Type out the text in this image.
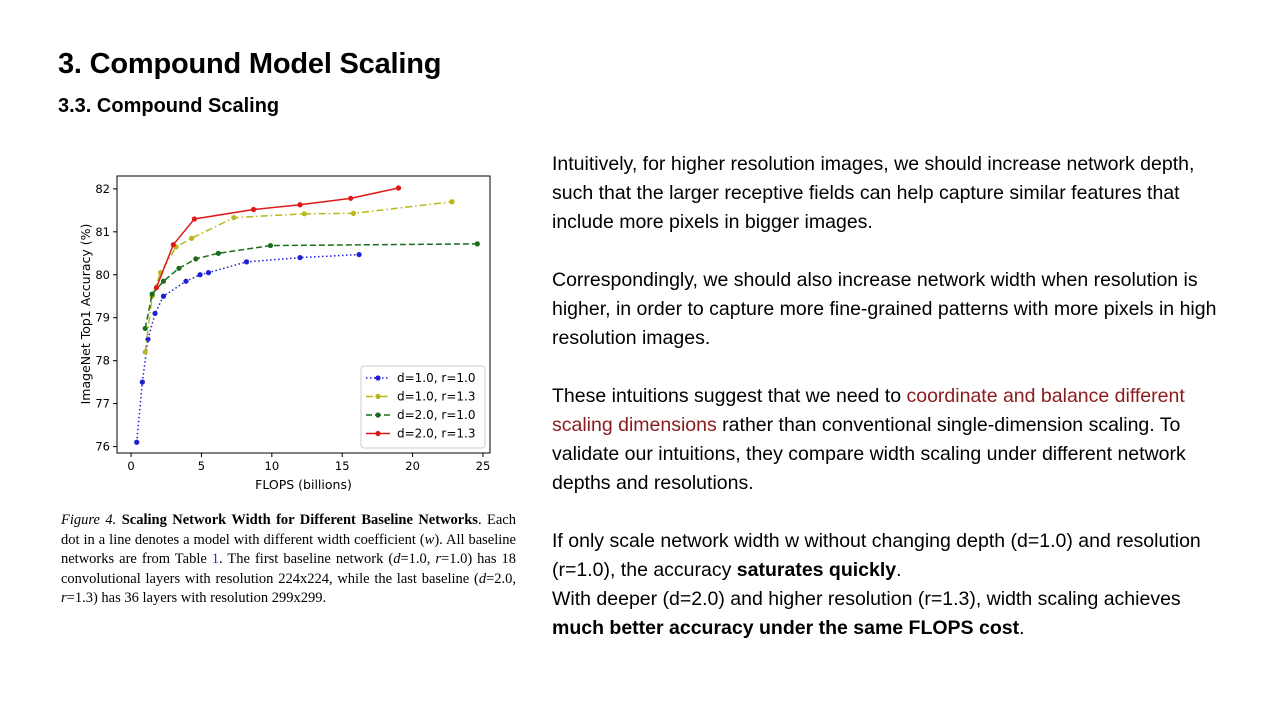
3. Compound Model Scaling
3.3. Compound Scaling
0	5	10	15	20	25
76
77
78
79
80
81
82
FLOPS (billions)
ImageNet Top1 Accuracy (%)	d=1.0, r=1.0
d=1.0, r=1.3
d=2.0, r=1.0
d=2.0, r=1.3
Figure 4. Scaling Network Width for Different Baseline Networks. Each dot in a line denotes a model with different width coefficient (w). All baseline networks are from Table 1. The first baseline network (d=1.0, r=1.0) has 18 convolutional layers with resolution 224x224, while the last baseline (d=2.0, r=1.3) has 36 layers with resolution 299x299.

Intuitively, for higher resolution images, we should increase network depth, such that the larger receptive fields can help capture similar features that include more pixels in bigger images.

Correspondingly, we should also increase network width when resolution is higher, in order to capture more fine-grained patterns with more pixels in high resolution images.

These intuitions suggest that we need to coordinate and balance different scaling dimensions rather than conventional single-dimension scaling. To validate our intuitions, they compare width scaling under different network depths and resolutions.

If only scale network width w without changing depth (d=1.0) and resolution (r=1.0), the accuracy saturates quickly.
With deeper (d=2.0) and higher resolution (r=1.3), width scaling achieves much better accuracy under the same FLOPS cost.
